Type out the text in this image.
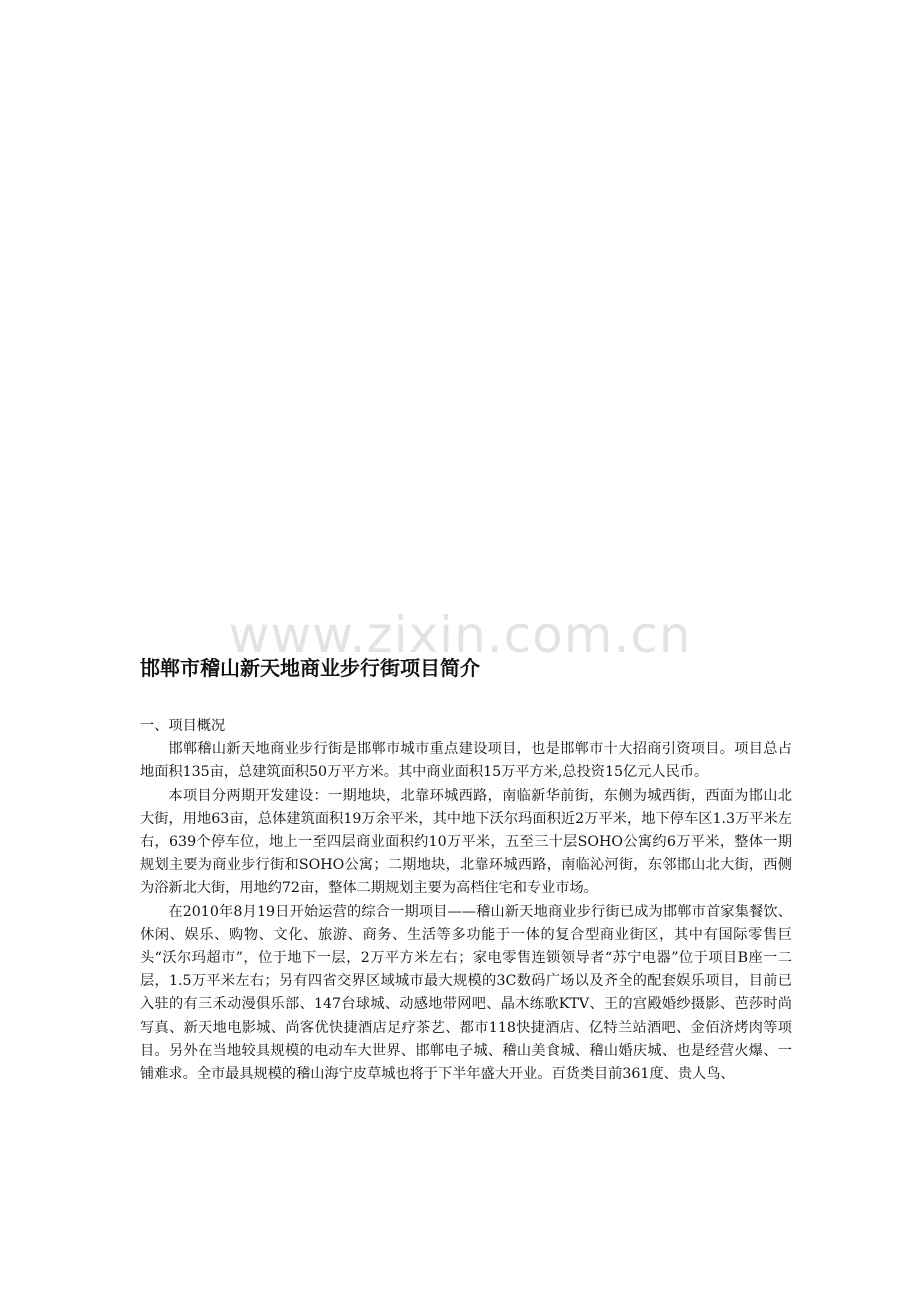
www.zixin.com.cn
邯郸市稽山新天地商业步行街项目简介

一、项目概况

邯郸稽山新天地商业步行街是邯郸市城市重点建设项目，也是邯郸市十大招商引资项目。项目总占地面积135亩，总建筑面积50万平方米。其中商业面积15万平方米,总投资15亿元人民币。

本项目分两期开发建设：一期地块，北靠环城西路，南临新华前街，东侧为城西街，西面为邯山北大街，用地63亩，总体建筑面积19万余平米，其中地下沃尔玛面积近2万平米，地下停车区1.3万平米左右，639个停车位，地上一至四层商业面积约10万平米，五至三十层SOHO公寓约6万平米，整体一期规划主要为商业步行街和SOHO公寓；二期地块，北靠环城西路，南临沁河街，东邻邯山北大街，西侧为浴新北大街，用地约72亩，整体二期规划主要为高档住宅和专业市场。

在2010年8月19日开始运营的综合一期项目——稽山新天地商业步行街已成为邯郸市首家集餐饮、休闲、娱乐、购物、文化、旅游、商务、生活等多功能于一体的复合型商业街区，其中有国际零售巨头“沃尔玛超市”，位于地下一层，2万平方米左右；家电零售连锁领导者“苏宁电器”位于项目B座一二层，1.5万平米左右；另有四省交界区域城市最大规模的3C数码广场以及齐全的配套娱乐项目，目前已入驻的有三禾动漫俱乐部、147台球城、动感地带网吧、晶木练歌KTV、王的宫殿婚纱摄影、芭莎时尚写真、新天地电影城、尚客优快捷酒店足疗茶艺、都市118快捷酒店、亿特兰站酒吧、金佰济烤肉等项目。另外在当地较具规模的电动车大世界、邯郸电子城、稽山美食城、稽山婚庆城、也是经营火爆、一铺难求。全市最具规模的稽山海宁皮草城也将于下半年盛大开业。百货类目前361度、贵人鸟、
